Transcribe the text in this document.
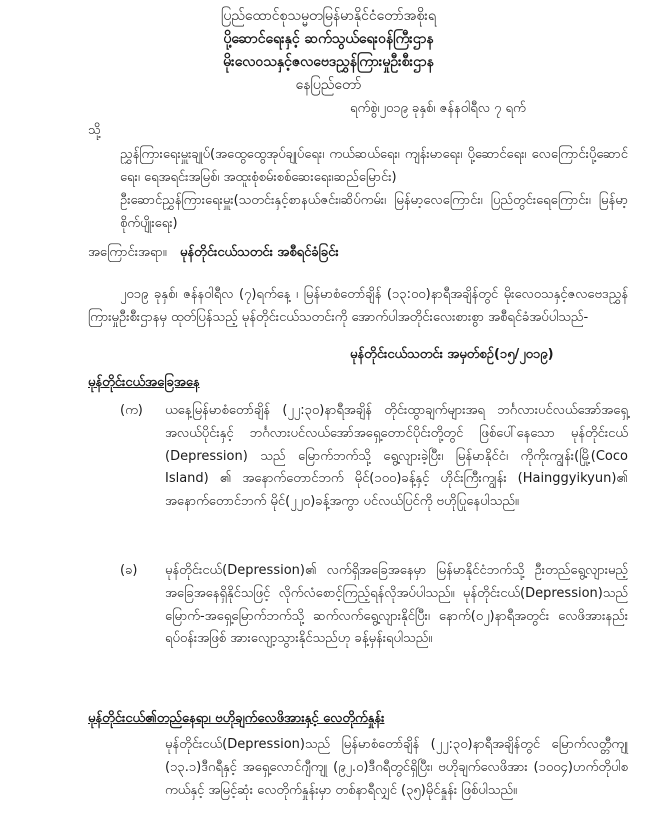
ပြည်ထောင်စုသမ္မတမြန်မာနိုင်ငံတော်အစိုးရ
ပို့ဆောင်ရေးနှင့် ဆက်သွယ်ရေးဝန်ကြီးဌာန
မိုးလေဝသနှင့်ဇလဗေဒညွှန်ကြားမှုဦးစီးဌာန
နေပြည်တော်
ရက်စွဲ၊၂၀၁၉ ခုနှစ်၊ ဇန်နဝါရီလ ၇ ရက်
သို့
ညွှန်ကြားရေးမှူးချုပ်(အထွေထွေအုပ်ချုပ်ရေး၊ ကယ်ဆယ်ရေး၊ ကျန်းမာရေး၊ ပို့ဆောင်ရေး၊ လေကြောင်းပို့ဆောင်ရေး၊ ရေအရင်းအမြစ်၊ အထူးစုံစမ်းစစ်ဆေးရေး၊ဆည်မြောင်း)
ဦးဆောင်ညွှန်ကြားရေးမှူး(သတင်းနှင့်စာနယ်ဇင်း၊ဆိပ်ကမ်း၊ မြန်မာ့လေကြောင်း၊ ပြည်တွင်းရေကြောင်း၊ မြန်မာ့စိုက်ပျိုးရေး)
အကြောင်းအရာ။ မုန်တိုင်းငယ်သတင်း အစီရင်ခံခြင်း
၂၀၁၉ ခုနှစ်၊ ဇန်နဝါရီလ (၇)ရက်နေ့ ၊ မြန်မာစံတော်ချိန် (၁၃:၀၀)နာရီအချိန်တွင် မိုးလေဝသနှင့်ဇလဗေဒညွှန်ကြားမှုဦးစီးဌာနမှ ထုတ်ပြန်သည့် မုန်တိုင်းငယ်သတင်းကို အောက်ပါအတိုင်းလေးစားစွာ အစီရင်ခံအပ်ပါသည်-
မုန်တိုင်းငယ်သတင်း အမှတ်စဉ်(၁၅/၂၀၁၉)
မုန်တိုင်းငယ်အခြေအနေ
(က) ယနေ့မြန်မာစံတော်ချိန် (၂၂:၃၀)နာရီအချိန် တိုင်းထွာချက်များအရ ဘင်္ဂလားပင်လယ်အော်အရှေ့အလယ်ပိုင်းနှင့် ဘင်္ဂလားပင်လယ်အော်အရှေ့တောင်ပိုင်းတို့တွင် ဖြစ်ပေါ်နေသော မုန်တိုင်းငယ် (Depression) သည် မြောက်ဘက်သို့ ရွေ့လျားခဲ့ပြီး၊ မြန်မာနိုင်ငံ၊ ကိုကိုးကျွန်း(မြို့(Coco Island) ၏ အနောက်တောင်ဘက် မိုင်(၁၀၀)ခန့်နှင့် ဟိုင်းကြီးကျွန်း (Hainggyikyun)၏ အနောက်တောင်ဘက် မိုင်(၂၂၀)ခန့်အကွာ ပင်လယ်ပြင်ကို ဗဟိုပြုနေပါသည်။
(ခ) မုန်တိုင်းငယ်(Depression)၏ လက်ရှိအခြေအနေမှာ မြန်မာနိုင်ငံဘက်သို့ ဦးတည်ရွေ့လျားမည့် အခြေအနေရှိနိုင်သဖြင့် လိုက်လံစောင့်ကြည့်ရန်လိုအပ်ပါသည်။ မုန်တိုင်းငယ်(Depression)သည် မြောက်-အရှေ့မြောက်ဘက်သို့ ဆက်လက်ရွေ့လျားနိုင်ပြီး၊ နောက်(၀၂)နာရီအတွင်း လေဖိအားနည်းရပ်ဝန်းအဖြစ် အားလျော့သွားနိုင်သည်ဟု ခန့်မှန်းရပါသည်။
မုန်တိုင်းငယ်၏တည်နေရာ၊ ဗဟိုချက်လေဖိအားနှင့် လေတိုက်နှုန်း
မုန်တိုင်းငယ်(Depression)သည် မြန်မာစံတော်ချိန် (၂၂:၃၀)နာရီအချိန်တွင် မြောက်လတ္တီကျု (၁၃.၁)ဒီဂရီနှင့် အရှေ့လောင်ဂျီကျု (၉၂.၀)ဒီဂရီတွင်ရှိပြီး၊ ဗဟိုချက်လေဖိအား (၁၀၀၄)ဟက်တိုပါစကယ်နှင့် အမြင့်ဆုံး လေတိုက်နှုန်းမှာ တစ်နာရီလျှင် (၃၅)မိုင်နှုန်း ဖြစ်ပါသည်။
